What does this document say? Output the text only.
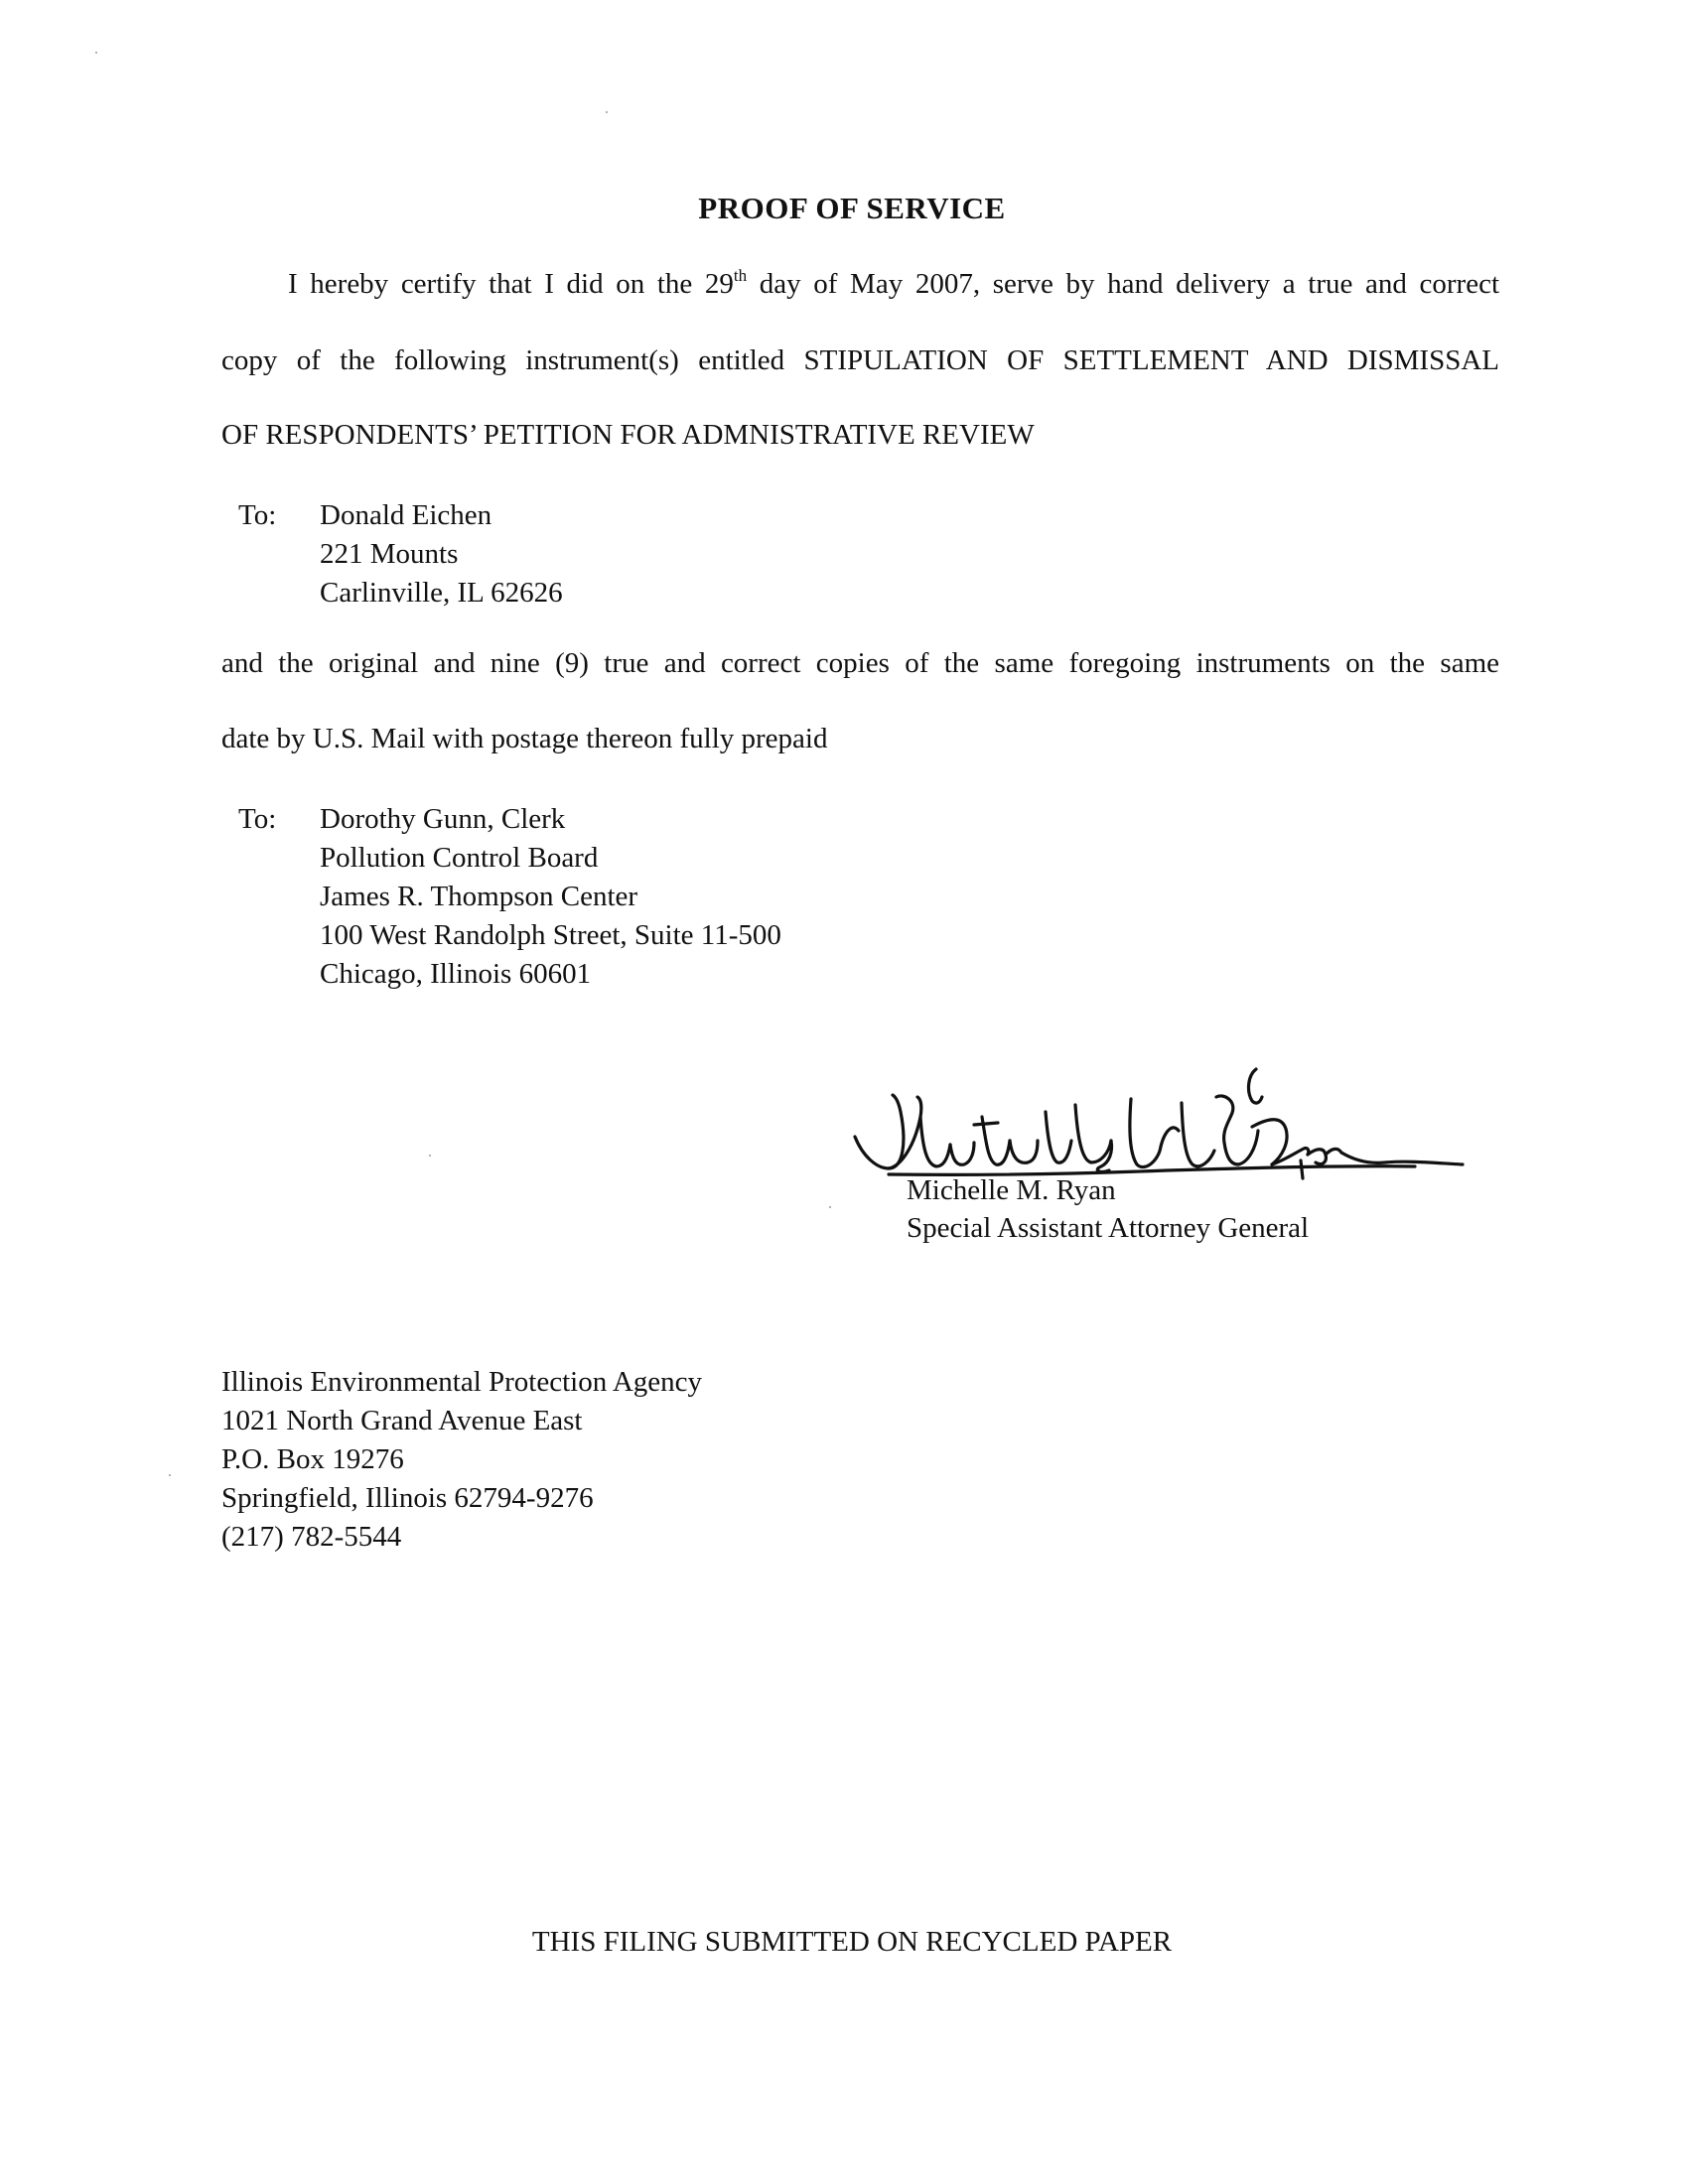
PROOF OF SERVICE
I hereby certify that I did on the 29th day of May 2007, serve by hand delivery a true and correct
copy of the following instrument(s) entitled STIPULATION OF SETTLEMENT AND DISMISSAL
OF RESPONDENTS’ PETITION FOR ADMNISTRATIVE REVIEW
To: Donald Eichen
221 Mounts
Carlinville, IL 62626
and the original and nine (9) true and correct copies of the same foregoing instruments on the same
date by U.S. Mail with postage thereon fully prepaid
To: Dorothy Gunn, Clerk
Pollution Control Board
James R. Thompson Center
100 West Randolph Street, Suite 11-500
Chicago, Illinois 60601
Michelle M. Ryan
Special Assistant Attorney General
Illinois Environmental Protection Agency
1021 North Grand Avenue East
P.O. Box 19276
Springfield, Illinois 62794-9276
(217) 782-5544
THIS FILING SUBMITTED ON RECYCLED PAPER
